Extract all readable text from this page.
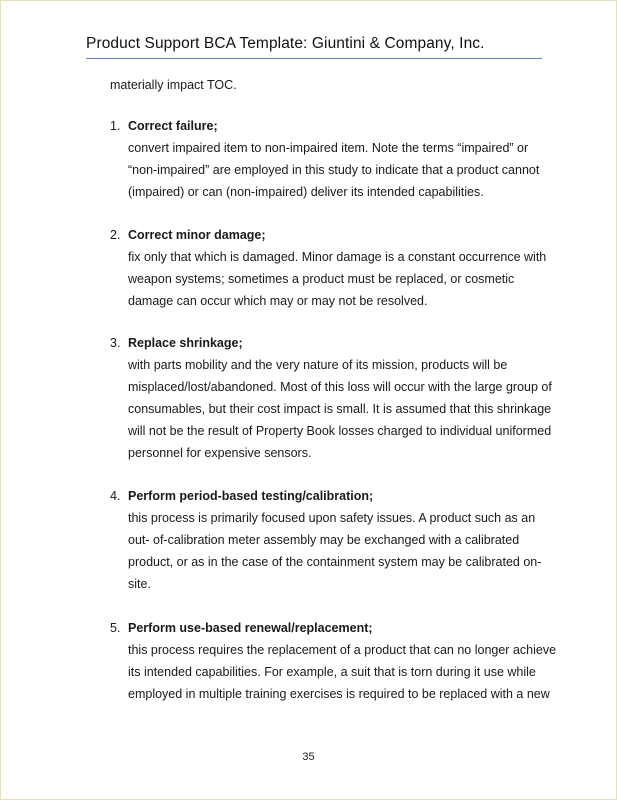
Product Support BCA Template: Giuntini & Company, Inc.

materially impact TOC.

1. Correct failure;

convert impaired item to non-impaired item. Note the terms “impaired” or
“non-impaired” are employed in this study to indicate that a product cannot
(impaired) or can (non-impaired) deliver its intended capabilities.

2. Correct minor damage;

fix only that which is damaged. Minor damage is a constant occurrence with
weapon systems; sometimes a product must be replaced, or cosmetic
damage can occur which may or may not be resolved.

3. Replace shrinkage;

with parts mobility and the very nature of its mission, products will be
misplaced/lost/abandoned. Most of this loss will occur with the large group of
consumables, but their cost impact is small. It is assumed that this shrinkage
will not be the result of Property Book losses charged to individual uniformed
personnel for expensive sensors.

4. Perform period-based testing/calibration;

this process is primarily focused upon safety issues. A product such as an
out- of-calibration meter assembly may be exchanged with a calibrated
product, or as in the case of the containment system may be calibrated on-
site.

5. Perform use-based renewal/replacement;

this process requires the replacement of a product that can no longer achieve
its intended capabilities. For example, a suit that is torn during it use while
employed in multiple training exercises is required to be replaced with a new

35
